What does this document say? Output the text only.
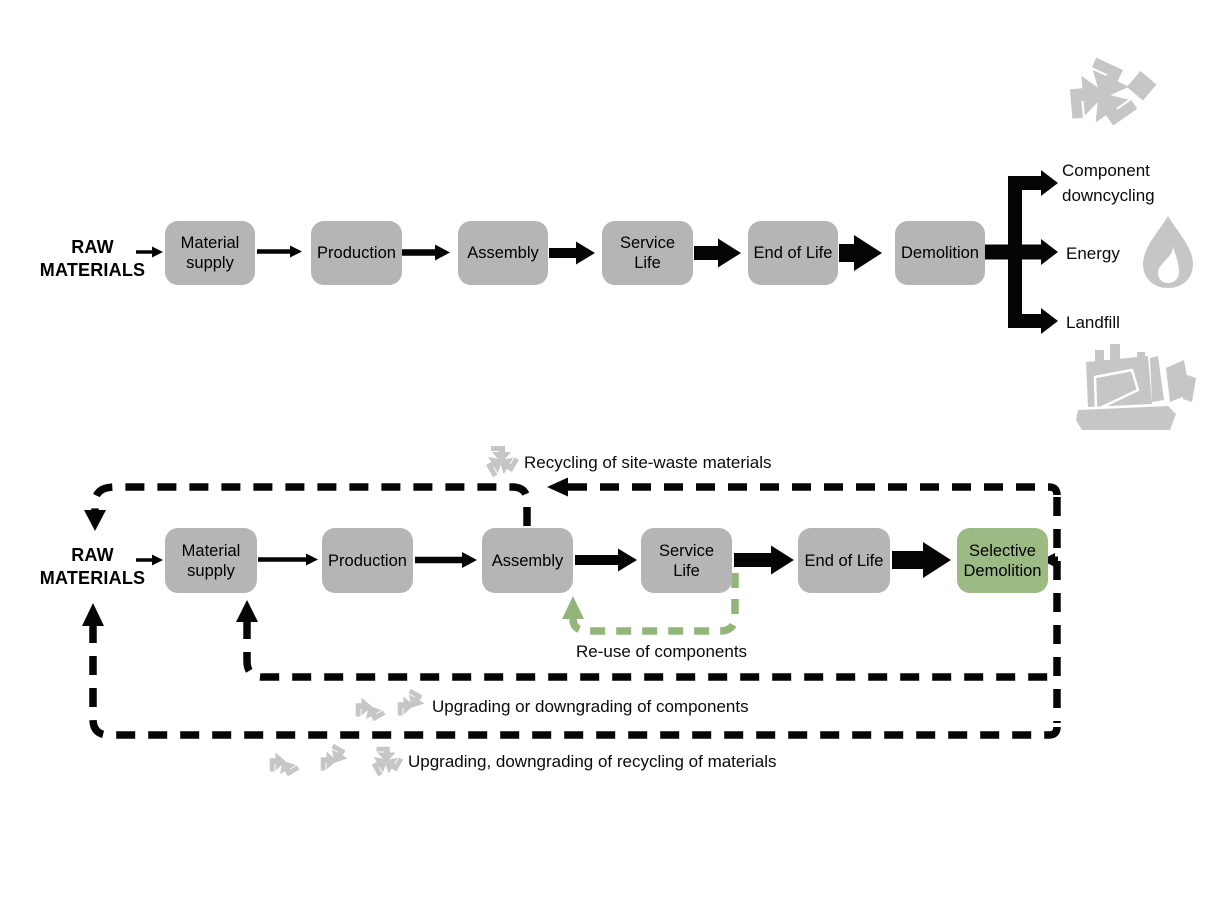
RAW MATERIALS
Material supply
Production	Assembly
Service Life
End of Life	Demolition
Component downcycling
Energy
Landfill
RAW MATERIALS
Material supply
Production	Assembly
Service Life
End of Life
Selective Demolition
Recycling of site-waste materials
Re-use of components
Upgrading or downgrading of components
Upgrading, downgrading of recycling of materials
